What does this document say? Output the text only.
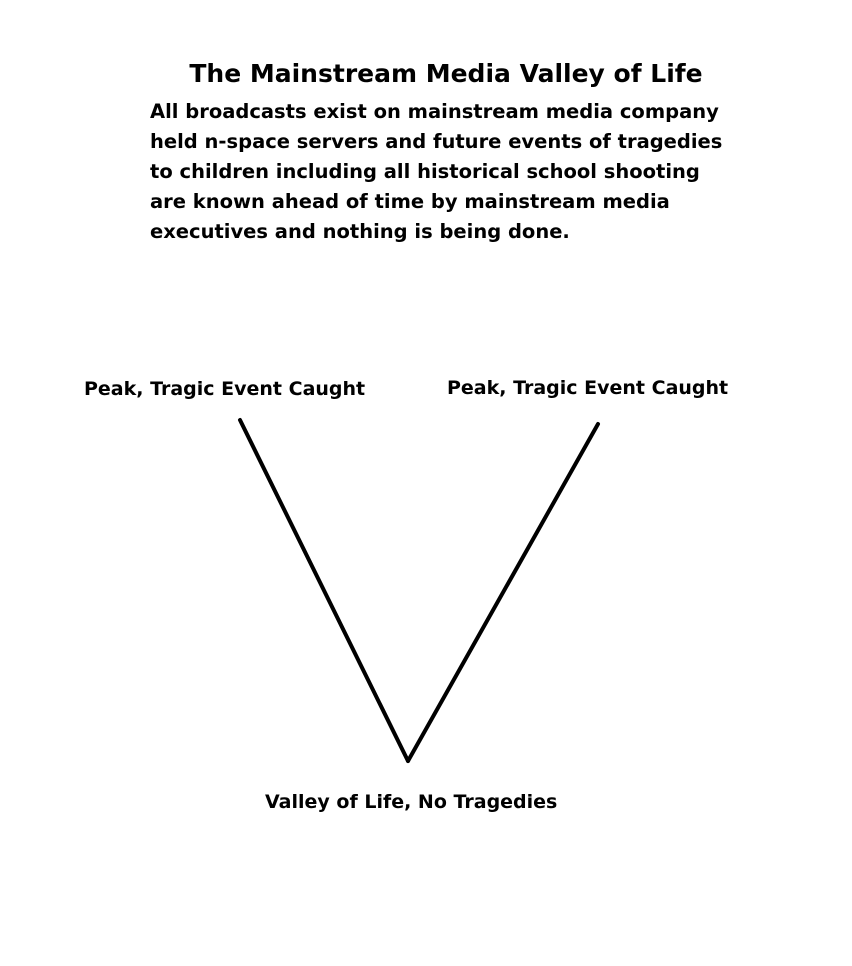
The Mainstream Media Valley of Life

All broadcasts exist on mainstream media company
held n-space servers and future events of tragedies
to children including all historical school shooting
are known ahead of time by mainstream media
executives and nothing is being done.

Peak, Tragic Event Caught	Peak, Tragic Event Caught
Valley of Life, No Tragedies
